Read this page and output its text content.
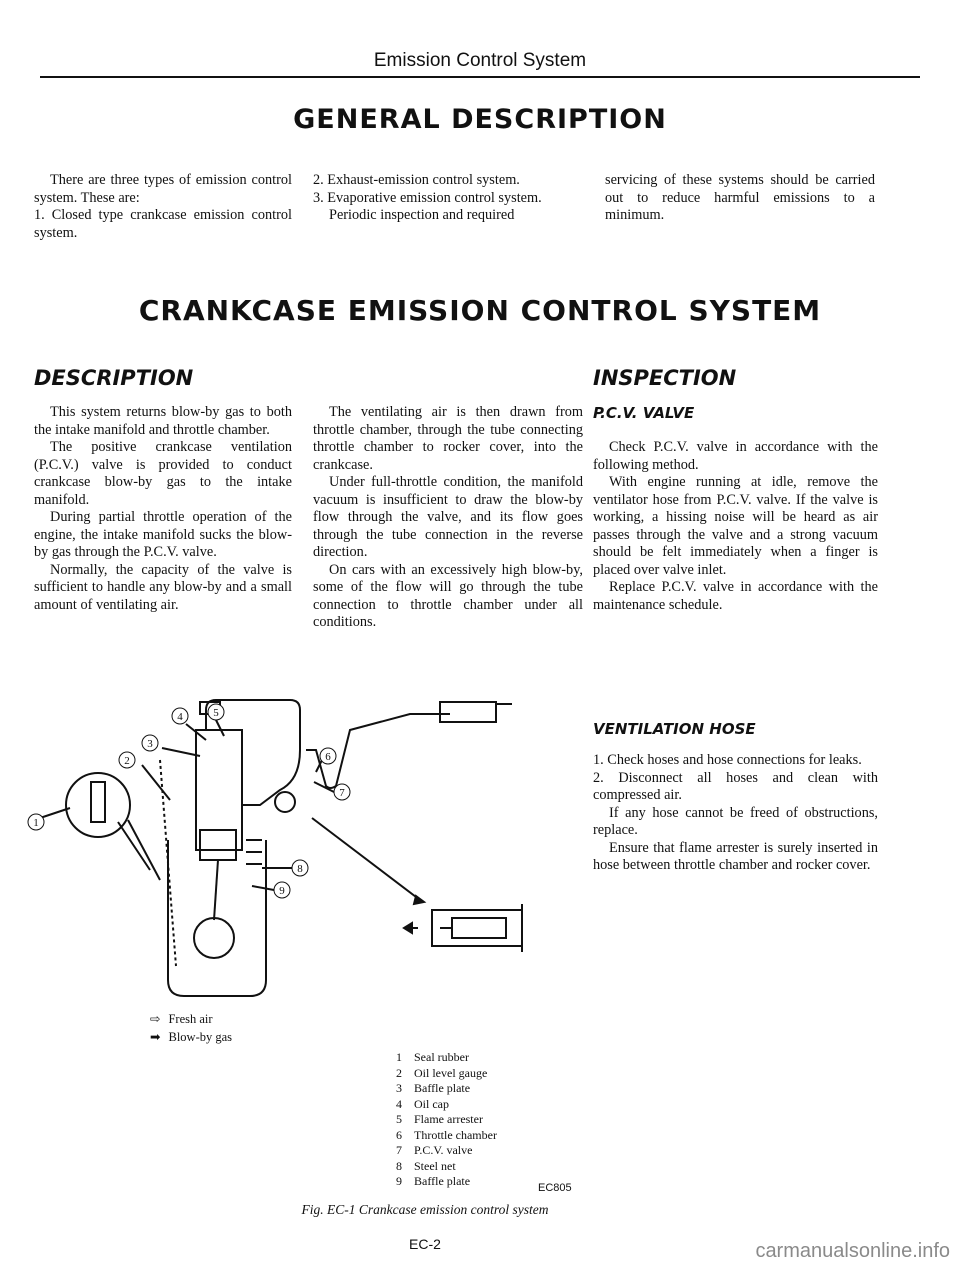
Emission Control System
GENERAL DESCRIPTION

There are three types of emission control system. These are:

1. Closed type crankcase emission control system.

2. Exhaust-emission control system.

3. Evaporative emission control system.

Periodic inspection and required

servicing of these systems should be carried out to reduce harmful emissions to a minimum.

CRANKCASE EMISSION CONTROL SYSTEM
DESCRIPTION

This system returns blow-by gas to both the intake manifold and throttle chamber.

The positive crankcase ventilation (P.C.V.) valve is provided to conduct crankcase blow-by gas to the intake manifold.

During partial throttle operation of the engine, the intake manifold sucks the blow-by gas through the P.C.V. valve.

Normally, the capacity of the valve is sufficient to handle any blow-by and a small amount of ventilating air.

The ventilating air is then drawn from throttle chamber, through the tube connecting throttle chamber to rocker cover, into the crankcase.

Under full-throttle condition, the manifold vacuum is insufficient to draw the blow-by flow through the valve, and its flow goes through the tube connection in the reverse direction.

On cars with an excessively high blow-by, some of the flow will go through the tube connection to throttle chamber under all conditions.

INSPECTION
P.C.V. VALVE

Check P.C.V. valve in accordance with the following method.

With engine running at idle, remove the ventilator hose from P.C.V. valve. If the valve is working, a hissing noise will be heard as air passes through the valve and a strong vacuum should be felt immediately when a finger is placed over valve inlet.

Replace P.C.V. valve in accordance with the maintenance schedule.

VENTILATION HOSE

1. Check hoses and hose connections for leaks.

2. Disconnect all hoses and clean with compressed air.

If any hose cannot be freed of obstructions, replace.

Ensure that flame arrester is surely inserted in hose between throttle chamber and rocker cover.

1
2
3
4	5
6
7
8
9
⇨ Fresh air
➡ Blow-by gas
1	Seal rubber
2	Oil level gauge
3	Baffle plate
4	Oil cap
5	Flame arrester
6	Throttle chamber
7	P.C.V. valve
8	Steel net
9	Baffle plate	EC805
Fig. EC-1 Crankcase emission control system
EC-2	carmanualsonline.info
